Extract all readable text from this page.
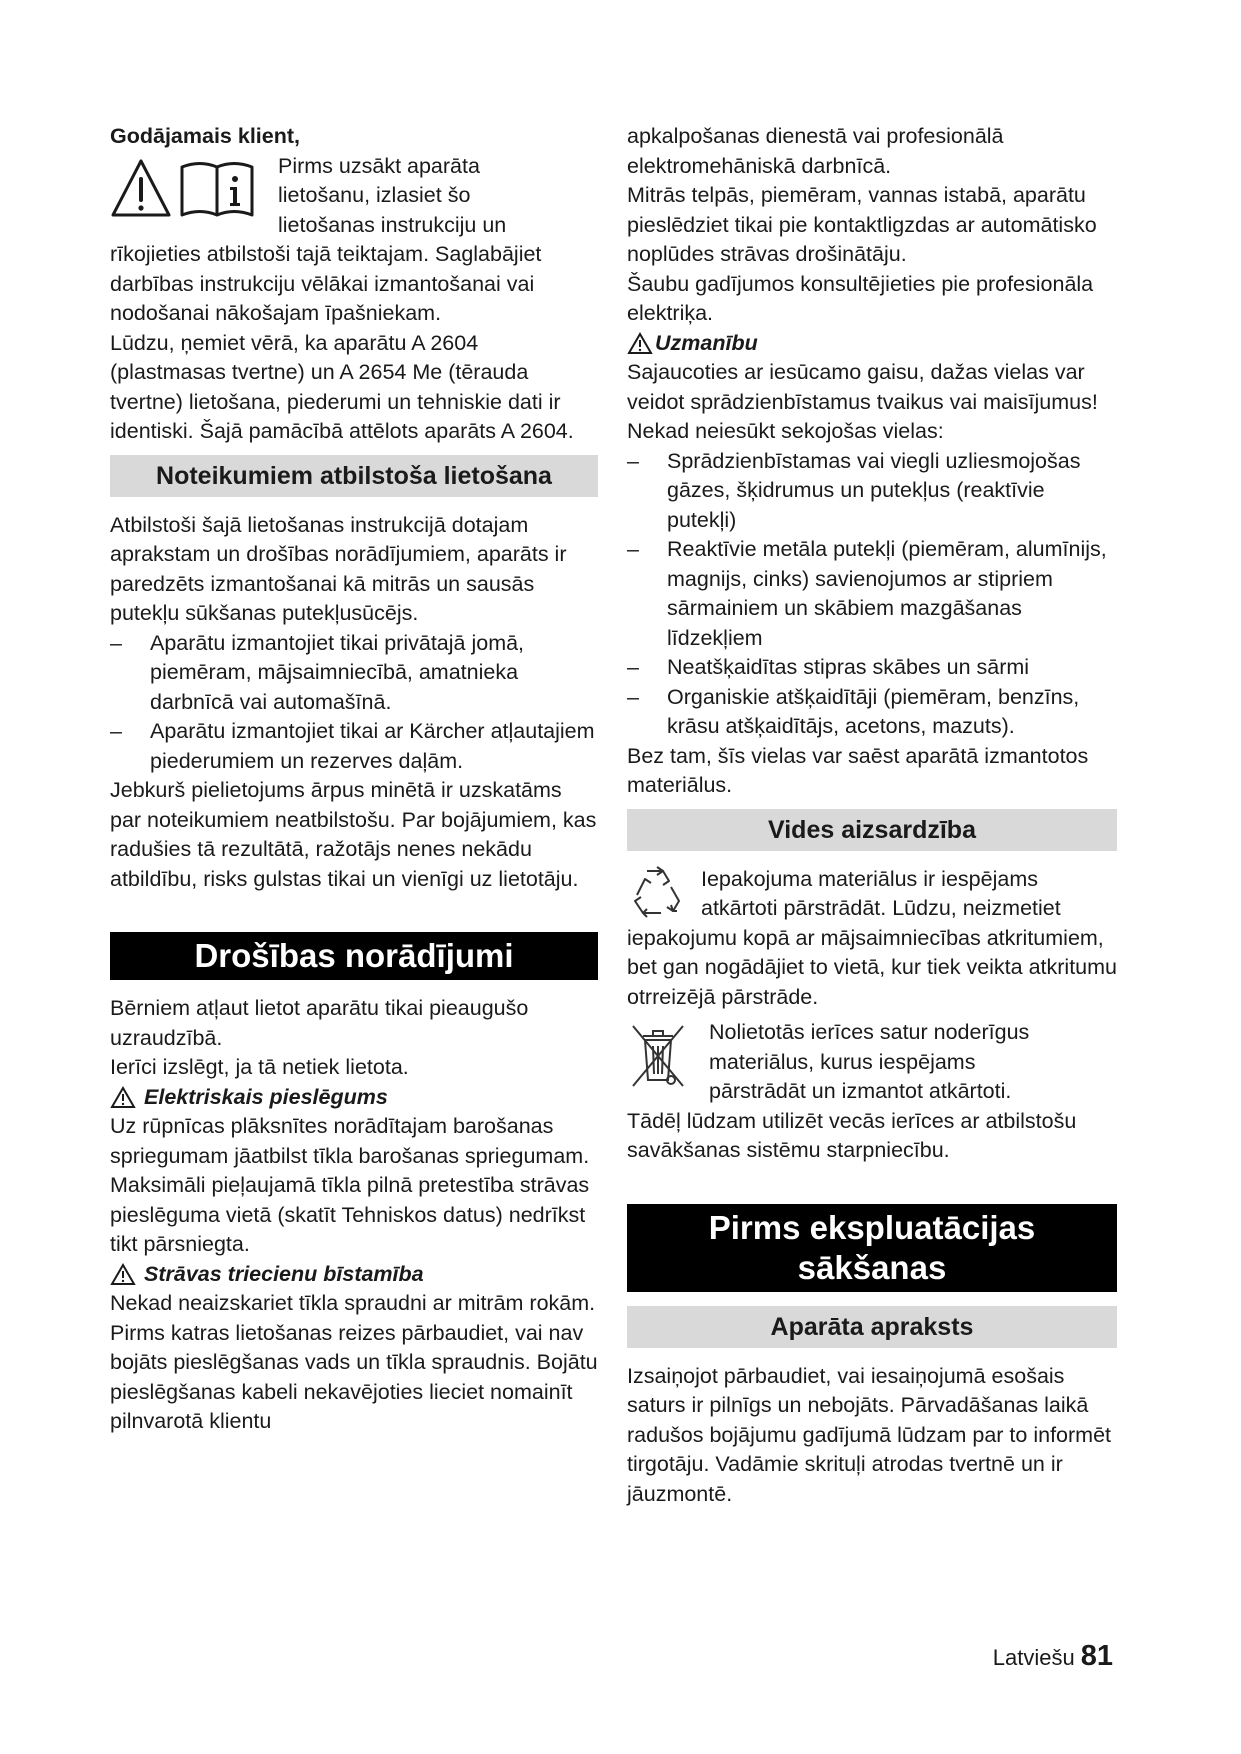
Godājamais klient,

Pirms uzsākt aparāta

lietošanu, izlasiet šo

lietošanas instrukciju un

rīkojieties atbilstoši tajā teiktajam. Saglabājiet darbības instrukciju vēlākai izmantošanai vai nodošanai nākošajam īpašniekam.

Lūdzu, ņemiet vērā, ka aparātu A 2604 (plastmasas tvertne) un A 2654 Me (tērauda tvertne) lietošana, piederumi un tehniskie dati ir identiski. Šajā pamācībā attēlots aparāts A 2604.

Noteikumiem atbilstoša lietošana

Atbilstoši šajā lietošanas instrukcijā dotajam aprakstam un drošības norādījumiem, aparāts ir paredzēts izmantošanai kā mitrās un sausās putekļu sūkšanas putekļusūcējs.

– Aparātu izmantojiet tikai privātajā jomā, piemēram, mājsaimniecībā, amatnieka darbnīcā vai automašīnā.
– Aparātu izmantojiet tikai ar Kärcher atļautajiem piederumiem un rezerves daļām.

Jebkurš pielietojums ārpus minētā ir uzskatāms par noteikumiem neatbilstošu. Par bojājumiem, kas radušies tā rezultātā, ražotājs nenes nekādu atbildību, risks gulstas tikai un vienīgi uz lietotāju.

Drošības norādījumi

Bērniem atļaut lietot aparātu tikai pieaugušo uzraudzībā.

Ierīci izslēgt, ja tā netiek lietota.

Elektriskais pieslēgums

Uz rūpnīcas plāksnītes norādītajam barošanas spriegumam jāatbilst tīkla barošanas spriegumam.

Maksimāli pieļaujamā tīkla pilnā pretestība strāvas pieslēguma vietā (skatīt Tehniskos datus) nedrīkst tikt pārsniegta.

Strāvas triecienu bīstamība

Nekad neaizskariet tīkla spraudni ar mitrām rokām.

Pirms katras lietošanas reizes pārbaudiet, vai nav bojāts pieslēgšanas vads un tīkla spraudnis. Bojātu pieslēgšanas kabeli nekavējoties lieciet nomainīt pilnvarotā klientu

apkalpošanas dienestā vai profesionālā elektromehāniskā darbnīcā.

Mitrās telpās, piemēram, vannas istabā, aparātu pieslēdziet tikai pie kontaktligzdas ar automātisko noplūdes strāvas drošinātāju.

Šaubu gadījumos konsultējieties pie profesionāla elektriķa.

Uzmanību

Sajaucoties ar iesūcamo gaisu, dažas vielas var veidot sprādzienbīstamus tvaikus vai maisījumus!

Nekad neiesūkt sekojošas vielas:

– Sprādzienbīstamas vai viegli uzliesmojošas gāzes, šķidrumus un putekļus (reaktīvie putekļi)
– Reaktīvie metāla putekļi (piemēram, alumīnijs, magnijs, cinks) savienojumos ar stipriem sārmainiem un skābiem mazgāšanas līdzekļiem
– Neatšķaidītas stipras skābes un sārmi
– Organiskie atšķaidītāji (piemēram, benzīns, krāsu atšķaidītājs, acetons, mazuts).

Bez tam, šīs vielas var saēst aparātā izmantotos materiālus.

Vides aizsardzība

Iepakojuma materiālus ir iespējams

atkārtoti pārstrādāt. Lūdzu, neizmetiet

iepakojumu kopā ar mājsaimniecības atkritumiem, bet gan nogādājiet to vietā, kur tiek veikta atkritumu otrreizējā pārstrāde.

Nolietotās ierīces satur noderīgus

materiālus, kurus iespējams

pārstrādāt un izmantot atkārtoti.

Tādēļ lūdzam utilizēt vecās ierīces ar atbilstošu savākšanas sistēmu starpniecību.

Pirms ekspluatācijas
sākšanas
Aparāta apraksts

Izsaiņojot pārbaudiet, vai iesaiņojumā esošais saturs ir pilnīgs un nebojāts. Pārvadāšanas laikā radušos bojājumu gadījumā lūdzam par to informēt tirgotāju. Vadāmie skrituļi atrodas tvertnē un ir jāuzmontē.

Latviešu 81
